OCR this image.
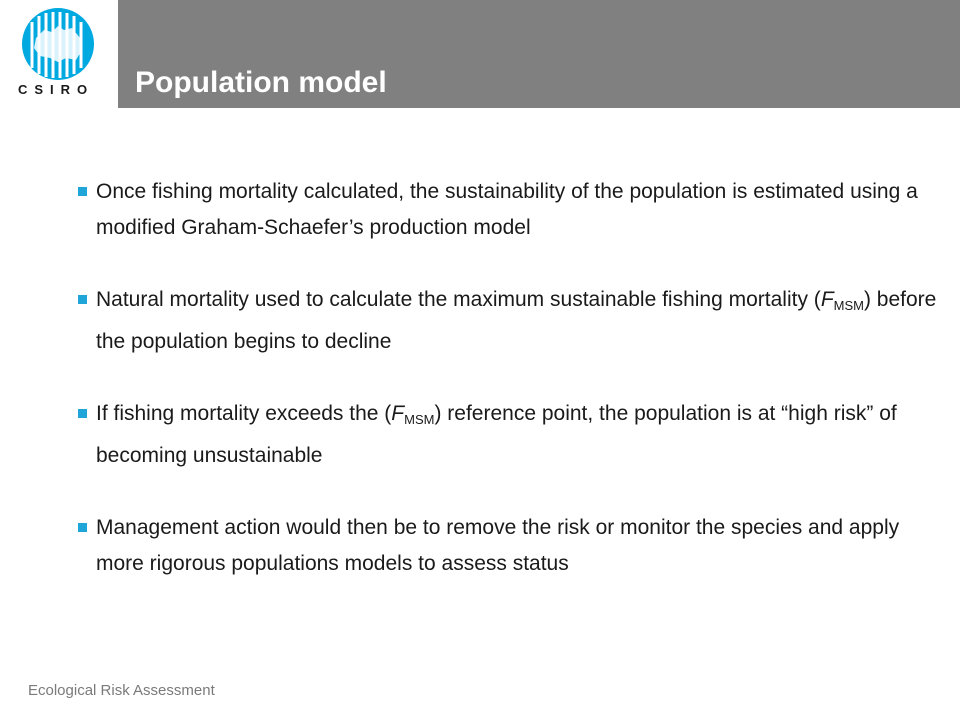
CSIRO Population model
Once fishing mortality calculated, the sustainability of the population is estimated using a modified Graham-Schaefer’s production model
Natural mortality used to calculate the maximum sustainable fishing mortality $(F_{MSM})$ before the population begins to decline
If fishing mortality exceeds the $(F_{MSM})$ reference point, the population is at “high risk” of becoming unsustainable
Management action would then be to remove the risk or monitor the species and apply more rigorous populations models to assess status
Ecological Risk Assessment
